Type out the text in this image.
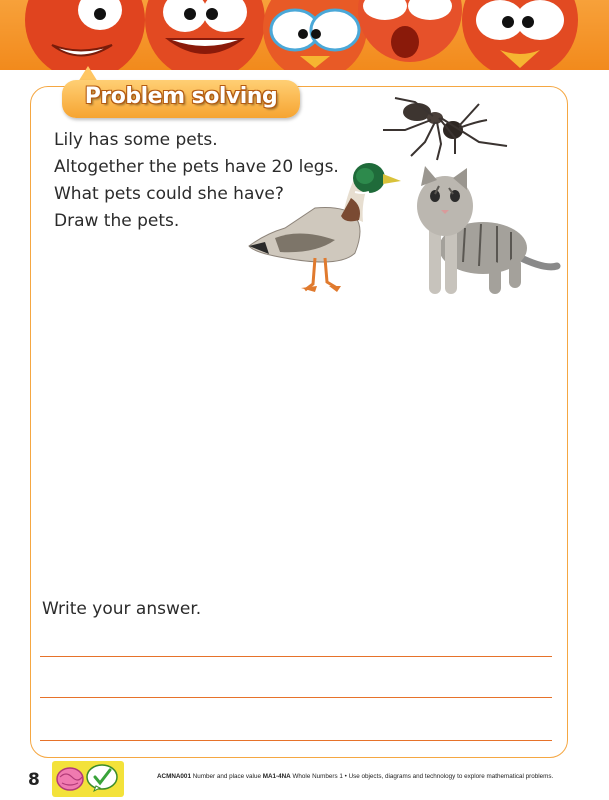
Problem solving
Lily has some pets.
Altogether the pets have 20 legs.
What pets could she have?
Draw the pets.
Write your answer.
8	ACMNA001 Number and place value MA1-4NA Whole Numbers 1 • Use objects, diagrams and technology to explore mathematical problems.
